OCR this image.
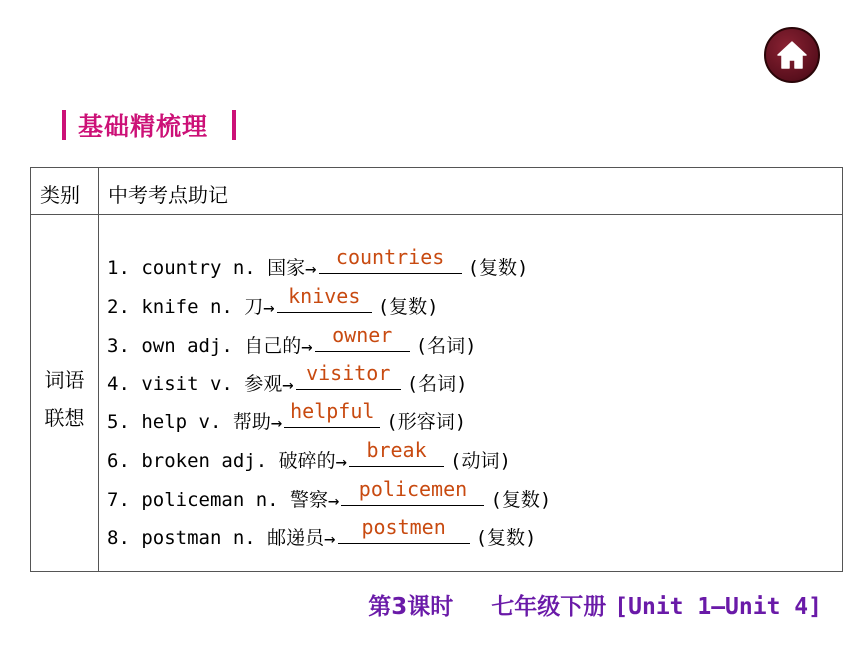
基础精梳理
类别 中考考点助记
词语
联想
1. country n. 国家 → countries	(复数)
2. knife n. 刀 → knives (复数)
3. own adj. 自己的 → owner	(名词)
4. visit v. 参观 → visitor (名词)
5. help v. 帮助 → helpful (形容词)
6. broken adj. 破碎的 → break	(动词)
7. policeman n. 警察 → policemen	(复数)
8. postman n. 邮递员 →	postmen	(复数)
第3课时 七年级下册 [Unit 1—Unit 4]
